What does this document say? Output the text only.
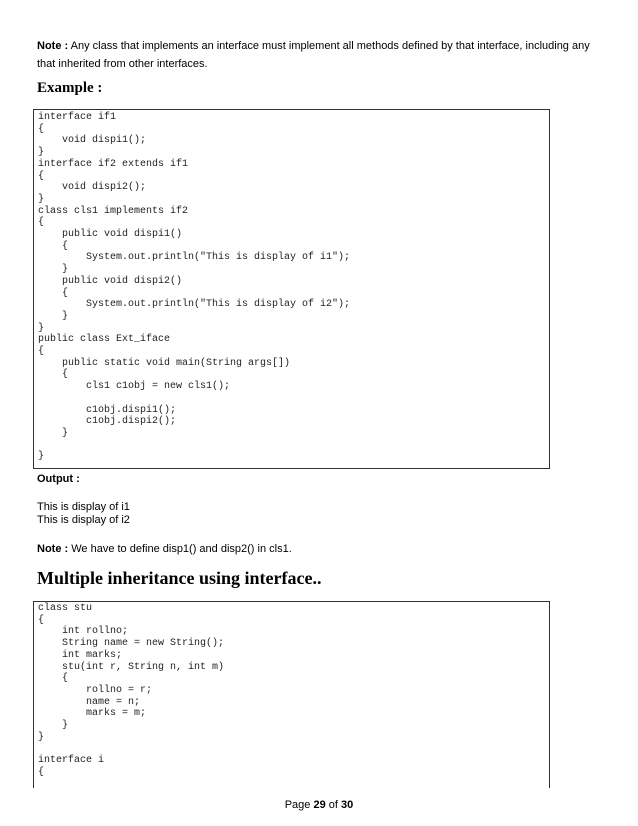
Note : Any class that implements an interface must implement all methods defined by that interface, including any that inherited from other interfaces.

Example :
interface if1
{
void dispi1();
}
interface if2 extends if1
{
void dispi2();
}
class cls1 implements if2
{
public void dispi1()
{
System.out.println("This is display of i1");
}
public void dispi2()
{
System.out.println("This is display of i2");
}
}
public class Ext_iface
{
public static void main(String args[])
{
cls1 c1obj = new cls1();

c1obj.dispi1();
c1obj.dispi2();
}

}

Output :

This is display of i1

This is display of i2

Note : We have to define disp1() and disp2() in cls1.

Multiple inheritance using interface..
class stu
{
int rollno;
String name = new String();
int marks;
stu(int r, String n, int m)
{
rollno = r;
name = n;
marks = m;
}
}

interface i
{

Page 29 of 30
